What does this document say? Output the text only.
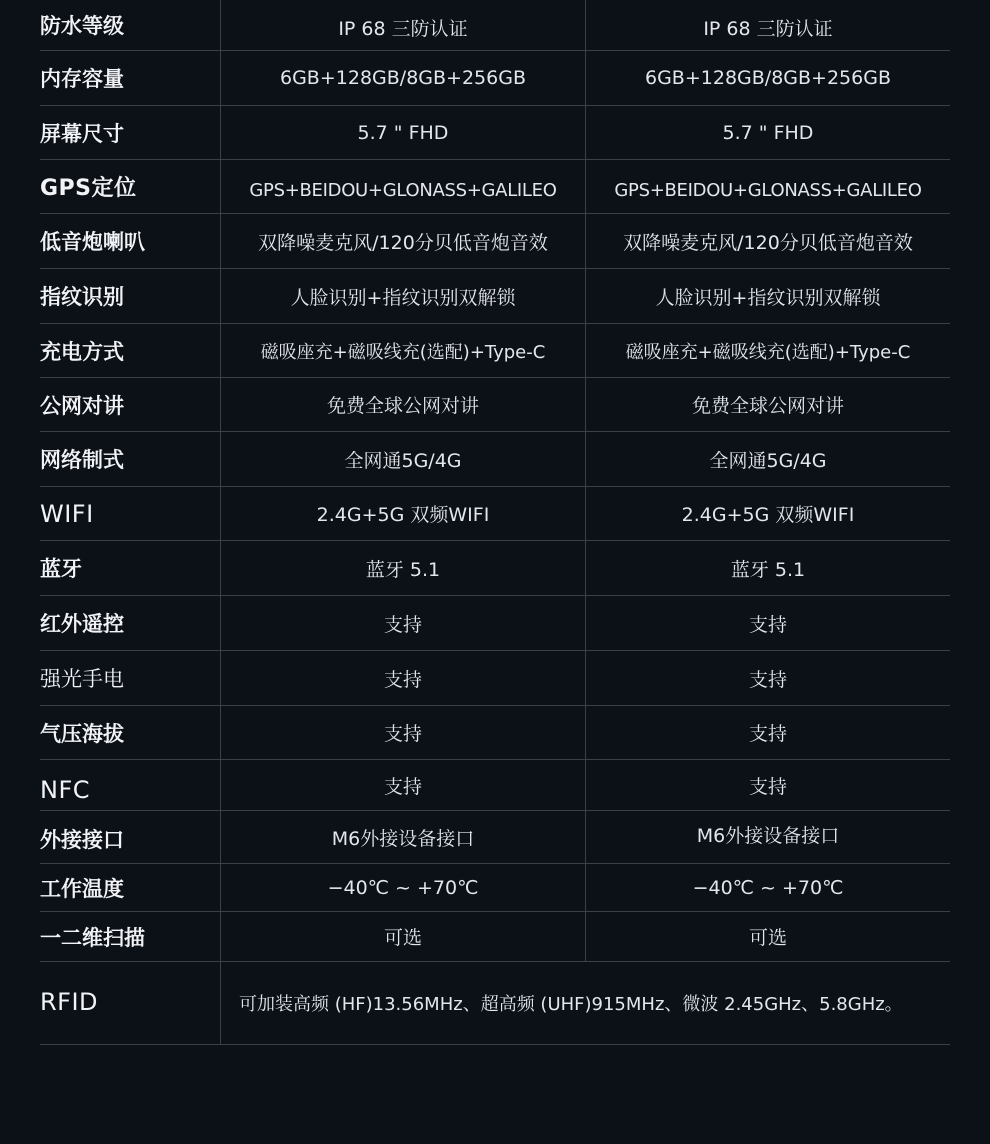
防水等级	IP 68 三防认证	IP 68 三防认证
内存容量	6GB+128GB/8GB+256GB	6GB+128GB/8GB+256GB
屏幕尺寸	5.7 " FHD	5.7 " FHD
GPS定位	GPS+BEIDOU+GLONASS+GALILEO	GPS+BEIDOU+GLONASS+GALILEO
低音炮喇叭	双降噪麦克风/120分贝低音炮音效	双降噪麦克风/120分贝低音炮音效
指纹识别	人脸识别+指纹识别双解锁	人脸识别+指纹识别双解锁
充电方式	磁吸座充+磁吸线充(选配)+Type-C	磁吸座充+磁吸线充(选配)+Type-C
公网对讲	免费全球公网对讲	免费全球公网对讲
网络制式	全网通5G/4G	全网通5G/4G
WIFI	2.4G+5G 双频WIFI	2.4G+5G 双频WIFI
蓝牙	蓝牙 5.1	蓝牙 5.1
红外遥控	支持	支持
强光手电	支持	支持
气压海拔	支持	支持
NFC	支持	支持
外接接口	M6外接设备接口	M6外接设备接口
工作温度	−40℃ ~ +70℃	−40℃ ~ +70℃
一二维扫描	可选	可选
RFID	可加装高频 (HF)13.56MHz、超高频 (UHF)915MHz、微波 2.45GHz、5.8GHz。
